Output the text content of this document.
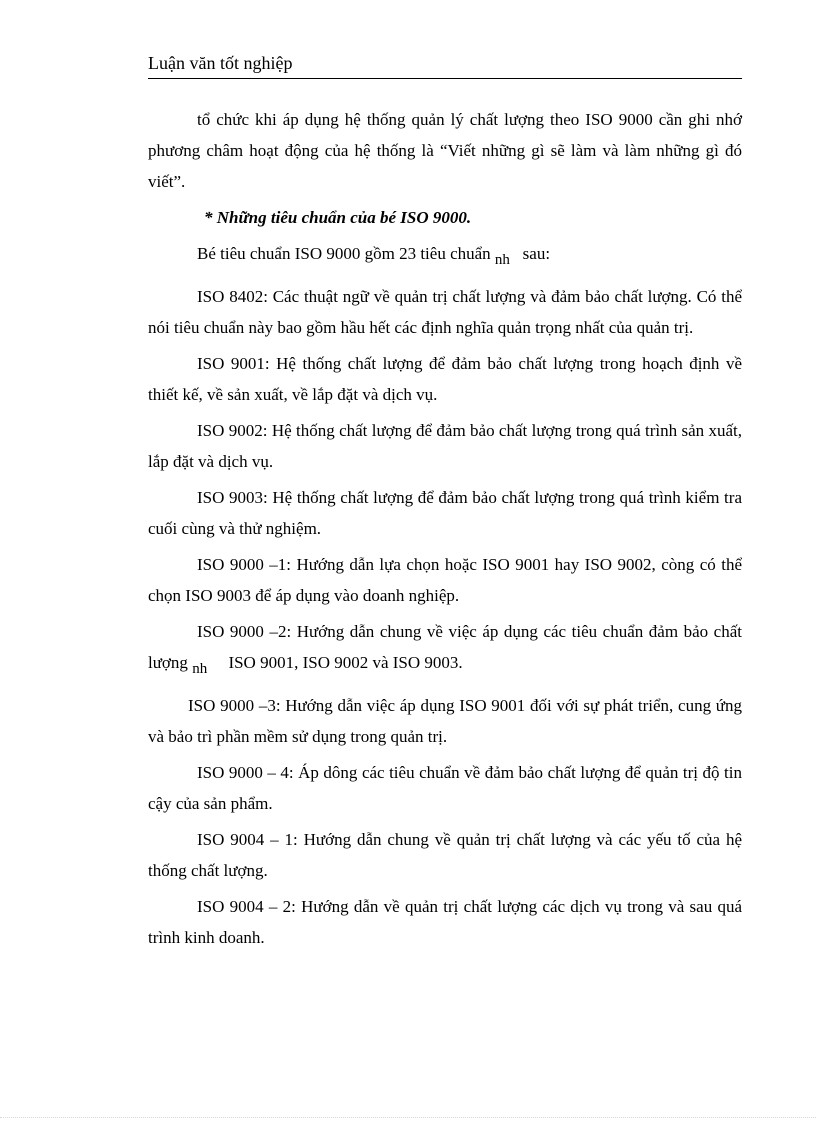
Luận văn tốt nghiệp

tổ chức khi áp dụng hệ thống quản lý chất lượng theo ISO 9000 cần ghi nhớ phương châm hoạt động của hệ thống là “Viết những gì sẽ làm và làm những gì đó viết”.

* Những tiêu chuẩn của bé ISO 9000.

Bé tiêu chuẩn ISO 9000 gồm 23 tiêu chuẩn nh sau:

ISO 8402: Các thuật ngữ về quản trị chất lượng và đảm bảo chất lượng. Có thể nói tiêu chuẩn này bao gồm hầu hết các định nghĩa quản trọng nhất của quản trị.

ISO 9001: Hệ thống chất lượng để đảm bảo chất lượng trong hoạch định về thiết kế, về sản xuất, về lắp đặt và dịch vụ.

ISO 9002: Hệ thống chất lượng để đảm bảo chất lượng trong quá trình sản xuất, lắp đặt và dịch vụ.

ISO 9003: Hệ thống chất lượng để đảm bảo chất lượng trong quá trình kiểm tra cuối cùng và thử nghiệm.

ISO 9000 –1: Hướng dẫn lựa chọn hoặc ISO 9001 hay ISO 9002, còng có thể chọn ISO 9003 để áp dụng vào doanh nghiệp.

ISO 9000 –2: Hướng dẫn chung về việc áp dụng các tiêu chuẩn đảm bảo chất lượng nh ISO 9001, ISO 9002 và ISO 9003.

ISO 9000 –3: Hướng dẫn việc áp dụng ISO 9001 đối với sự phát triển, cung ứng và bảo trì phần mềm sử dụng trong quản trị.

ISO 9000 – 4: Áp dông các tiêu chuẩn về đảm bảo chất lượng để quản trị độ tin cậy của sản phẩm.

ISO 9004 – 1: Hướng dẫn chung về quản trị chất lượng và các yếu tố của hệ thống chất lượng.

ISO 9004 – 2: Hướng dẫn về quản trị chất lượng các dịch vụ trong và sau quá trình kinh doanh.
